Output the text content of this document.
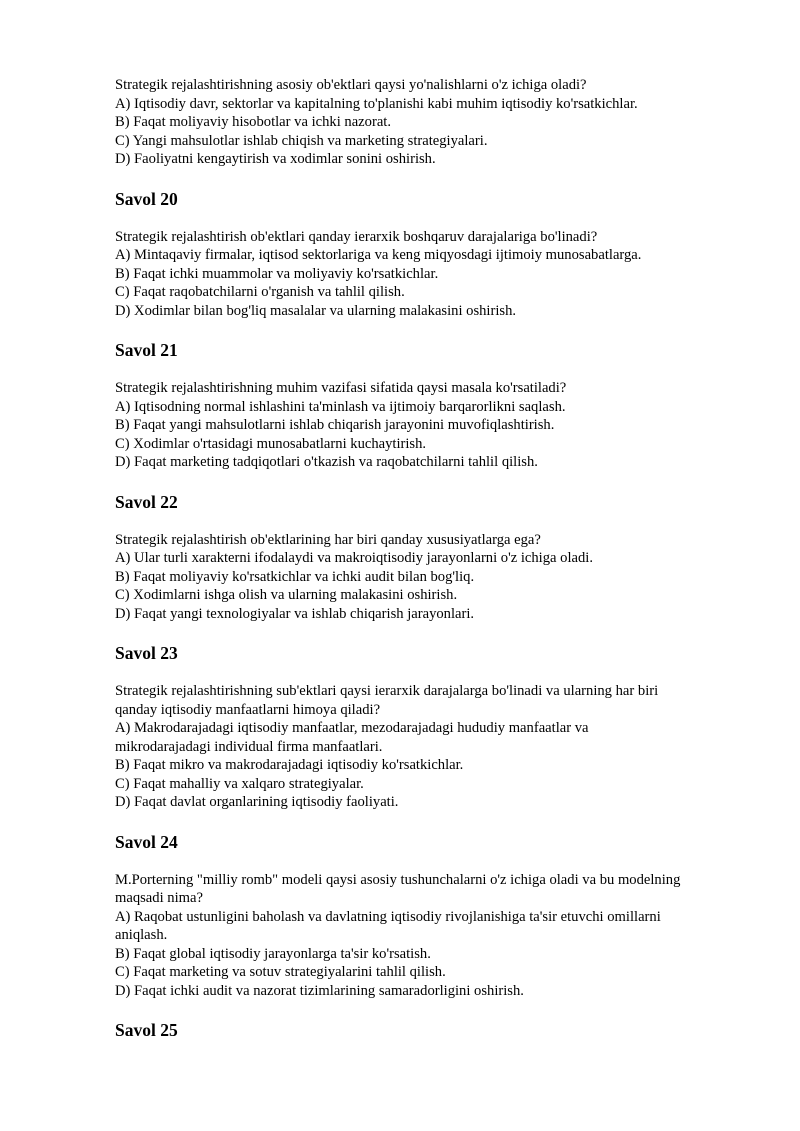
Strategik rejalashtirishning asosiy ob'ektlari qaysi yo'nalishlarni o'z ichiga oladi?

A) Iqtisodiy davr, sektorlar va kapitalning to'planishi kabi muhim iqtisodiy ko'rsatkichlar.

B) Faqat moliyaviy hisobotlar va ichki nazorat.

C) Yangi mahsulotlar ishlab chiqish va marketing strategiyalari.

D) Faoliyatni kengaytirish va xodimlar sonini oshirish.

Savol 20

Strategik rejalashtirish ob'ektlari qanday ierarxik boshqaruv darajalariga bo'linadi?

A) Mintaqaviy firmalar, iqtisod sektorlariga va keng miqyosdagi ijtimoiy munosabatlarga.

B) Faqat ichki muammolar va moliyaviy ko'rsatkichlar.

C) Faqat raqobatchilarni o'rganish va tahlil qilish.

D) Xodimlar bilan bog'liq masalalar va ularning malakasini oshirish.

Savol 21

Strategik rejalashtirishning muhim vazifasi sifatida qaysi masala ko'rsatiladi?

A) Iqtisodning normal ishlashini ta'minlash va ijtimoiy barqarorlikni saqlash.

B) Faqat yangi mahsulotlarni ishlab chiqarish jarayonini muvofiqlashtirish.

C) Xodimlar o'rtasidagi munosabatlarni kuchaytirish.

D) Faqat marketing tadqiqotlari o'tkazish va raqobatchilarni tahlil qilish.

Savol 22

Strategik rejalashtirish ob'ektlarining har biri qanday xususiyatlarga ega?

A) Ular turli xarakterni ifodalaydi va makroiqtisodiy jarayonlarni o'z ichiga oladi.

B) Faqat moliyaviy ko'rsatkichlar va ichki audit bilan bog'liq.

C) Xodimlarni ishga olish va ularning malakasini oshirish.

D) Faqat yangi texnologiyalar va ishlab chiqarish jarayonlari.

Savol 23

Strategik rejalashtirishning sub'ektlari qaysi ierarxik darajalarga bo'linadi va ularning har biri

qanday iqtisodiy manfaatlarni himoya qiladi?

A) Makrodarajadagi iqtisodiy manfaatlar, mezodarajadagi hududiy manfaatlar va

mikrodarajadagi individual firma manfaatlari.

B) Faqat mikro va makrodarajadagi iqtisodiy ko'rsatkichlar.

C) Faqat mahalliy va xalqaro strategiyalar.

D) Faqat davlat organlarining iqtisodiy faoliyati.

Savol 24

M.Porterning "milliy romb" modeli qaysi asosiy tushunchalarni o'z ichiga oladi va bu modelning

maqsadi nima?

A) Raqobat ustunligini baholash va davlatning iqtisodiy rivojlanishiga ta'sir etuvchi omillarni

aniqlash.

B) Faqat global iqtisodiy jarayonlarga ta'sir ko'rsatish.

C) Faqat marketing va sotuv strategiyalarini tahlil qilish.

D) Faqat ichki audit va nazorat tizimlarining samaradorligini oshirish.

Savol 25
